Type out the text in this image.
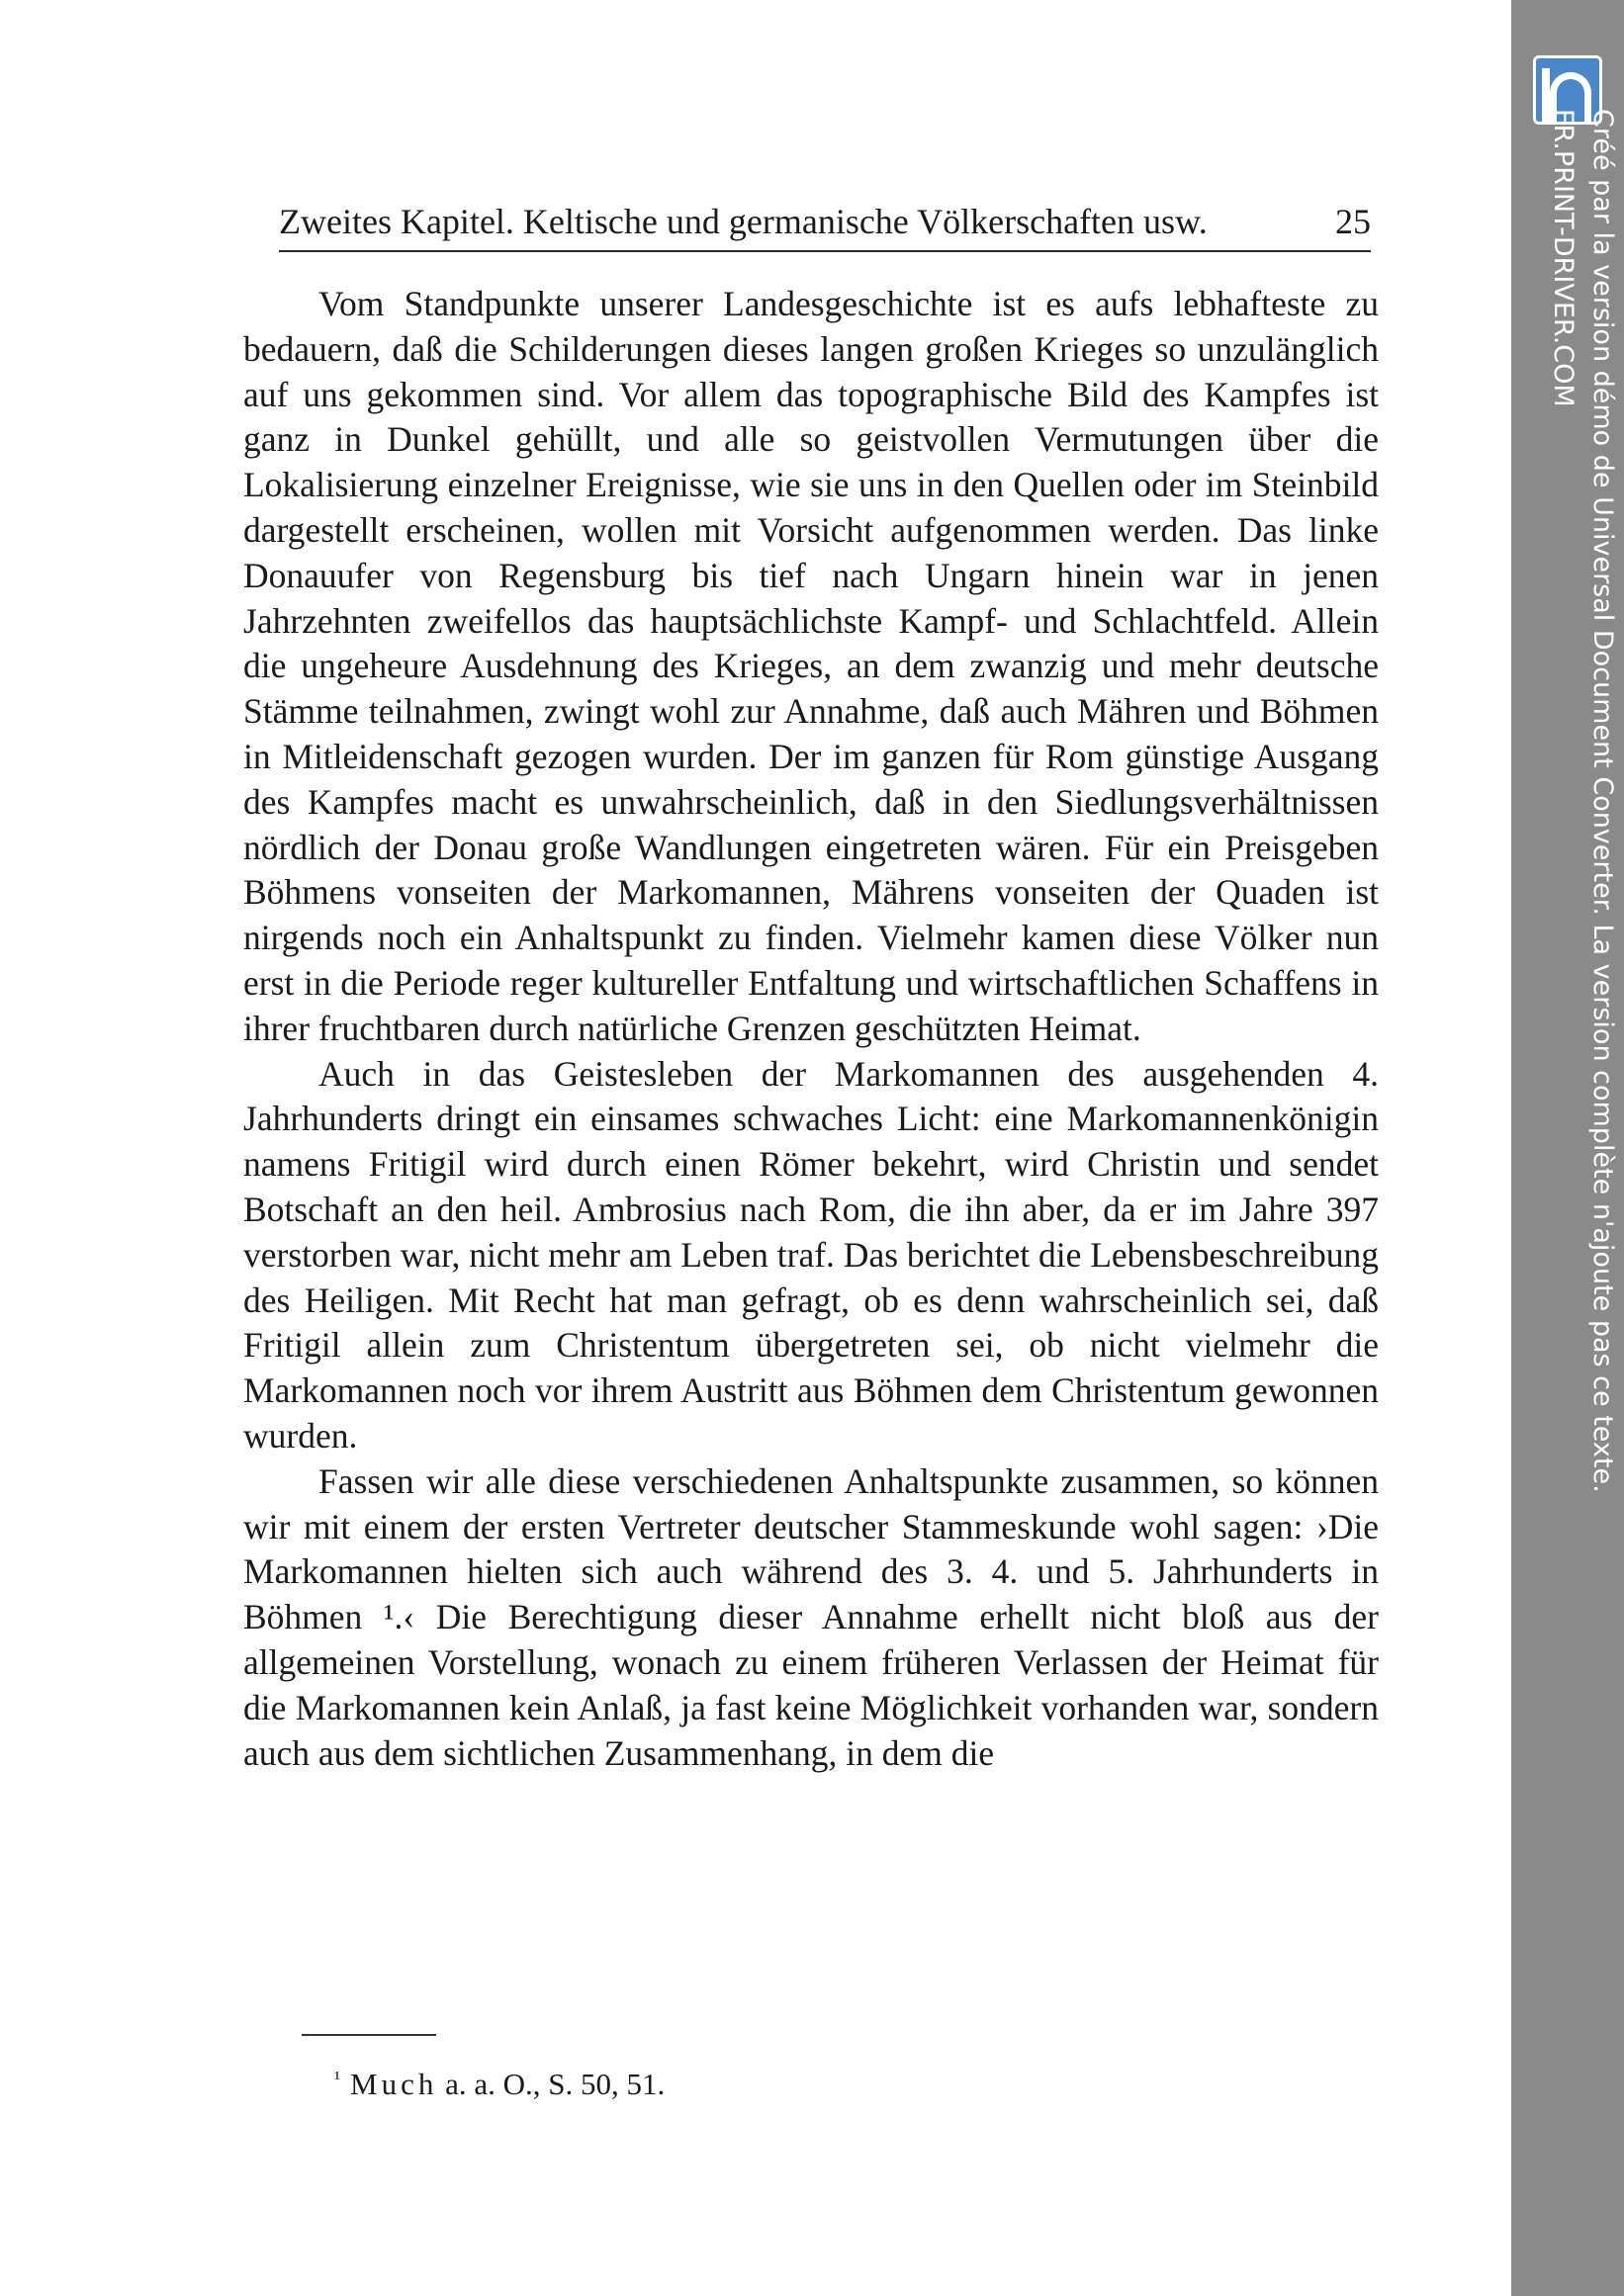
Zweites Kapitel. Keltische und germanische Völkerschaften usw.	25

Vom Standpunkte unserer Landesgeschichte ist es aufs lebhafteste zu bedauern, daß die Schilderungen dieses langen großen Krieges so unzulänglich auf uns gekommen sind. Vor allem das topographische Bild des Kampfes ist ganz in Dunkel gehüllt, und alle so geistvollen Vermutungen über die Lokalisierung einzelner Ereignisse, wie sie uns in den Quellen oder im Steinbild dargestellt erscheinen, wollen mit Vorsicht aufgenommen werden. Das linke Donauufer von Regensburg bis tief nach Ungarn hinein war in jenen Jahrzehnten zweifellos das hauptsächlichste Kampf- und Schlachtfeld. Allein die ungeheure Ausdehnung des Krieges, an dem zwanzig und mehr deutsche Stämme teilnahmen, zwingt wohl zur Annahme, daß auch Mähren und Böhmen in Mitleidenschaft gezogen wurden. Der im ganzen für Rom günstige Ausgang des Kampfes macht es unwahrscheinlich, daß in den Siedlungsverhältnissen nördlich der Donau große Wandlungen eingetreten wären. Für ein Preisgeben Böhmens vonseiten der Markomannen, Mährens vonseiten der Quaden ist nirgends noch ein Anhaltspunkt zu finden. Vielmehr kamen diese Völker nun erst in die Periode reger kultureller Entfaltung und wirtschaftlichen Schaffens in ihrer fruchtbaren durch natürliche Grenzen geschützten Heimat.

Auch in das Geistesleben der Markomannen des ausgehenden 4. Jahrhunderts dringt ein einsames schwaches Licht: eine Markomannenkönigin namens Fritigil wird durch einen Römer bekehrt, wird Christin und sendet Botschaft an den heil. Ambrosius nach Rom, die ihn aber, da er im Jahre 397 verstorben war, nicht mehr am Leben traf. Das berichtet die Lebensbeschreibung des Heiligen. Mit Recht hat man gefragt, ob es denn wahrscheinlich sei, daß Fritigil allein zum Christentum übergetreten sei, ob nicht vielmehr die Markomannen noch vor ihrem Austritt aus Böhmen dem Christentum gewonnen wurden.

Fassen wir alle diese verschiedenen Anhaltspunkte zusammen, so können wir mit einem der ersten Vertreter deutscher Stammeskunde wohl sagen: ›Die Markomannen hielten sich auch während des 3. 4. und 5. Jahrhunderts in Böhmen ¹.‹ Die Berechtigung dieser Annahme erhellt nicht bloß aus der allgemeinen Vorstellung, wonach zu einem früheren Verlassen der Heimat für die Markomannen kein Anlaß, ja fast keine Möglichkeit vorhanden war, sondern auch aus dem sichtlichen Zusammenhang, in dem die

$^{^1}$ Much a. a. O., S. 50, 51.
Créé par la version démo de Universal Document Converter. La version complète n'ajoute pas ce texte.
FR.PRINT-DRIVER.COM
